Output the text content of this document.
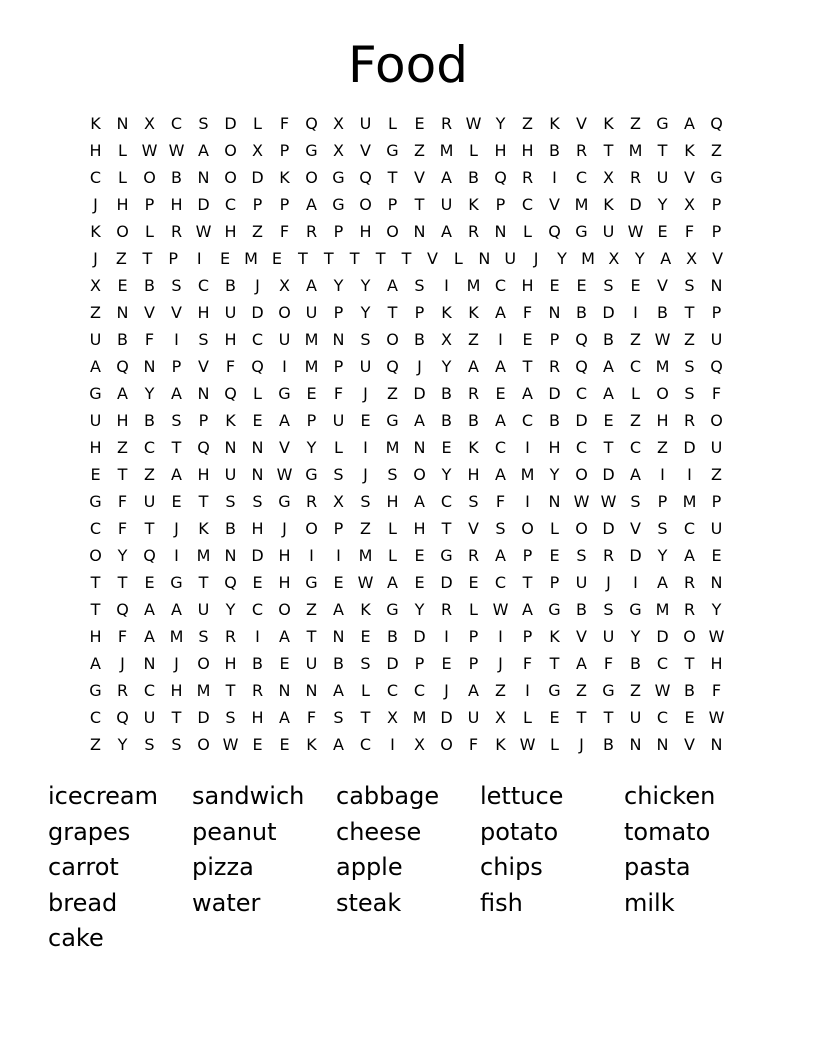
Food
K N X C	S D	L	F	Q X U	L	E	R W Y	Z	K	V	K	Z G A Q
H	L W W A O X	P G X	V G Z M L	H H B R	T M T	K	Z
C	L	O B N O D K O G Q T	V	A	B Q R	I	C X R U V G
J	H	P	H D C	P	P	A G O P	T	U K	P	C V M K D Y	X	P
K O	L	R W H Z	F	R	P	H O N A R N	L	Q G U W E	F	P
J	Z T	P	I	E M E T	T	T	T	T V L N U	J	Y M X Y A X V
X	E	B	S	C B	J	X	A	Y	Y	A	S	I	M C H E	E	S	E	V	S N
Z N V	V H U D O U	P	Y	T	P	K	K	A	F	N B D	I	B	T	P
U B	F	I	S H C U M N S O B	X	Z	I	E	P Q B	Z W Z U
A Q N	P	V	F	Q	I	M P	U Q	J	Y	A	A	T	R Q A C M S Q
G A	Y	A N Q	L	G E	F	J	Z D B R	E	A D C A	L	O S	F
U H B	S	P	K	E	A	P	U	E G A	B	B	A C B D E	Z H R O
H Z C	T Q N N V	Y	L	I	M N E	K	C	I	H C	T	C Z D U
E	T	Z	A H U N W G S	J	S O Y	H A M Y O D A	I	I	Z
G	F	U	E	T	S	S G R X	S H A C	S	F	I	N W W S	P M P
C	F	T	J	K	B H	J	O P	Z	L	H	T	V	S O	L	O D V	S	C U
O Y Q	I	M N D H	I	I	M L	E G R A	P	E	S	R D Y	A	E
T	T	E G T Q E H G E W A	E D E	C	T	P	U	J	I	A R N
T Q A	A U	Y	C O Z	A	K G Y	R	L W A G B	S G M R	Y
H	F	A M S	R	I	A	T	N E	B D	I	P	I	P	K	V U	Y D O W
A	J	N	J	O H B	E	U B	S D	P	E	P	J	F	T	A	F	B C	T	H
G R C H M T	R N N A	L	C C	J	A	Z	I	G Z G Z W B	F
C Q U	T D S H A	F	S	T	X M D U X	L	E	T	T	U C	E W
Z	Y	S	S O W E	E	K	A C	I	X O	F	K W L	J	B N N V N
icecream sandwich cabbage lettuce	chicken
grapes	peanut cheese potato	tomato
carrot	pizza	apple	chips	pasta
bread	water	steak	fish	milk
cake
